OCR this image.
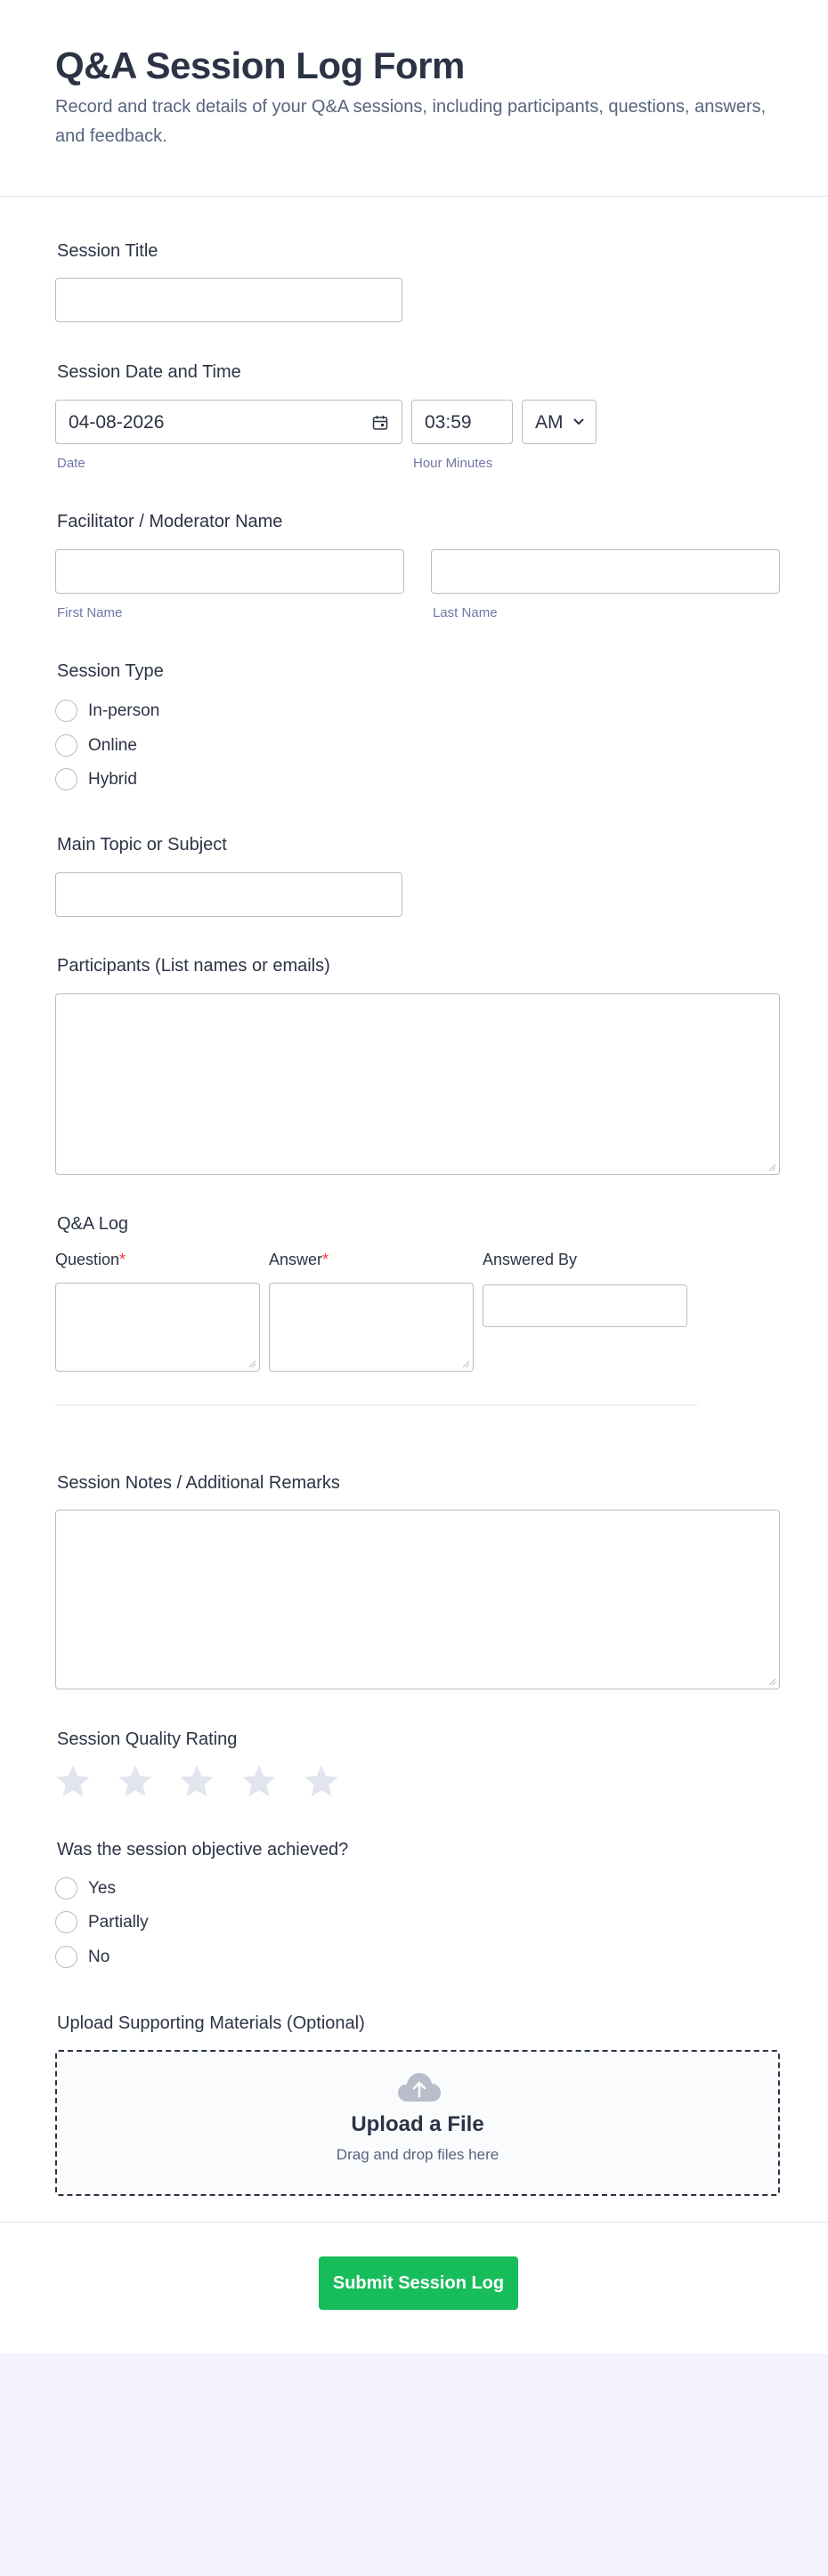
Q&A Session Log Form
Record and track details of your Q&A sessions, including participants, questions, answers, and feedback.
Session Title
Session Date and Time
04-08-2026
Date
03:59	AM
Hour Minutes
Facilitator / Moderator Name
First Name	Last Name
Session Type
In-person
Online
Hybrid
Main Topic or Subject
Participants (List names or emails)
Q&A Log
Question*	Answer*	Answered By
Session Notes / Additional Remarks
Session Quality Rating
Was the session objective achieved?
Yes
Partially
No
Upload Supporting Materials (Optional)
Upload a File
Drag and drop files here
Submit Session Log
